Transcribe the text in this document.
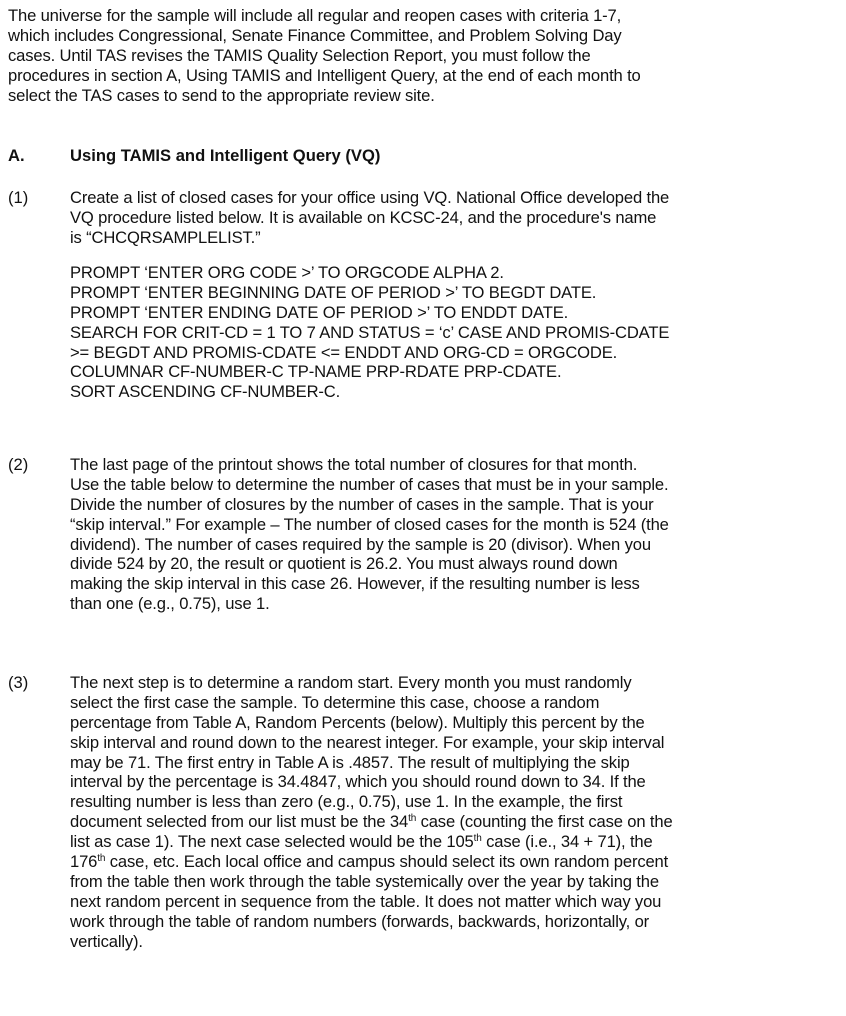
The universe for the sample will include all regular and reopen cases with criteria 1-7,
which includes Congressional, Senate Finance Committee, and Problem Solving Day
cases. Until TAS revises the TAMIS Quality Selection Report, you must follow the
procedures in section A, Using TAMIS and Intelligent Query, at the end of each month to
select the TAS cases to send to the appropriate review site.
A.	Using TAMIS and Intelligent Query (VQ)
(1)	Create a list of closed cases for your office using VQ. National Office developed the
VQ procedure listed below. It is available on KCSC-24, and the procedure's name
is “CHCQRSAMPLELIST.”
PROMPT ‘ENTER ORG CODE >’ TO ORGCODE ALPHA 2.
PROMPT ‘ENTER BEGINNING DATE OF PERIOD >’ TO BEGDT DATE.
PROMPT ‘ENTER ENDING DATE OF PERIOD >’ TO ENDDT DATE.
SEARCH FOR CRIT-CD = 1 TO 7 AND STATUS = ‘c’ CASE AND PROMIS-CDATE
>= BEGDT AND PROMIS-CDATE <= ENDDT AND ORG-CD = ORGCODE.
COLUMNAR CF-NUMBER-C TP-NAME PRP-RDATE PRP-CDATE.
SORT ASCENDING CF-NUMBER-C.
(2)	The last page of the printout shows the total number of closures for that month.
Use the table below to determine the number of cases that must be in your sample.
Divide the number of closures by the number of cases in the sample. That is your
“skip interval.” For example – The number of closed cases for the month is 524 (the
dividend). The number of cases required by the sample is 20 (divisor). When you
divide 524 by 20, the result or quotient is 26.2. You must always round down
making the skip interval in this case 26. However, if the resulting number is less
than one (e.g., 0.75), use 1.
(3)	The next step is to determine a random start. Every month you must randomly
select the first case the sample. To determine this case, choose a random
percentage from Table A, Random Percents (below). Multiply this percent by the
skip interval and round down to the nearest integer. For example, your skip interval
may be 71. The first entry in Table A is .4857. The result of multiplying the skip
interval by the percentage is 34.4847, which you should round down to 34. If the
resulting number is less than zero (e.g., 0.75), use 1. In the example, the first
document selected from our list must be the 34th case (counting the first case on the
list as case 1). The next case selected would be the 105th case (i.e., 34 + 71), the
176th case, etc. Each local office and campus should select its own random percent
from the table then work through the table systemically over the year by taking the
next random percent in sequence from the table. It does not matter which way you
work through the table of random numbers (forwards, backwards, horizontally, or
vertically).
